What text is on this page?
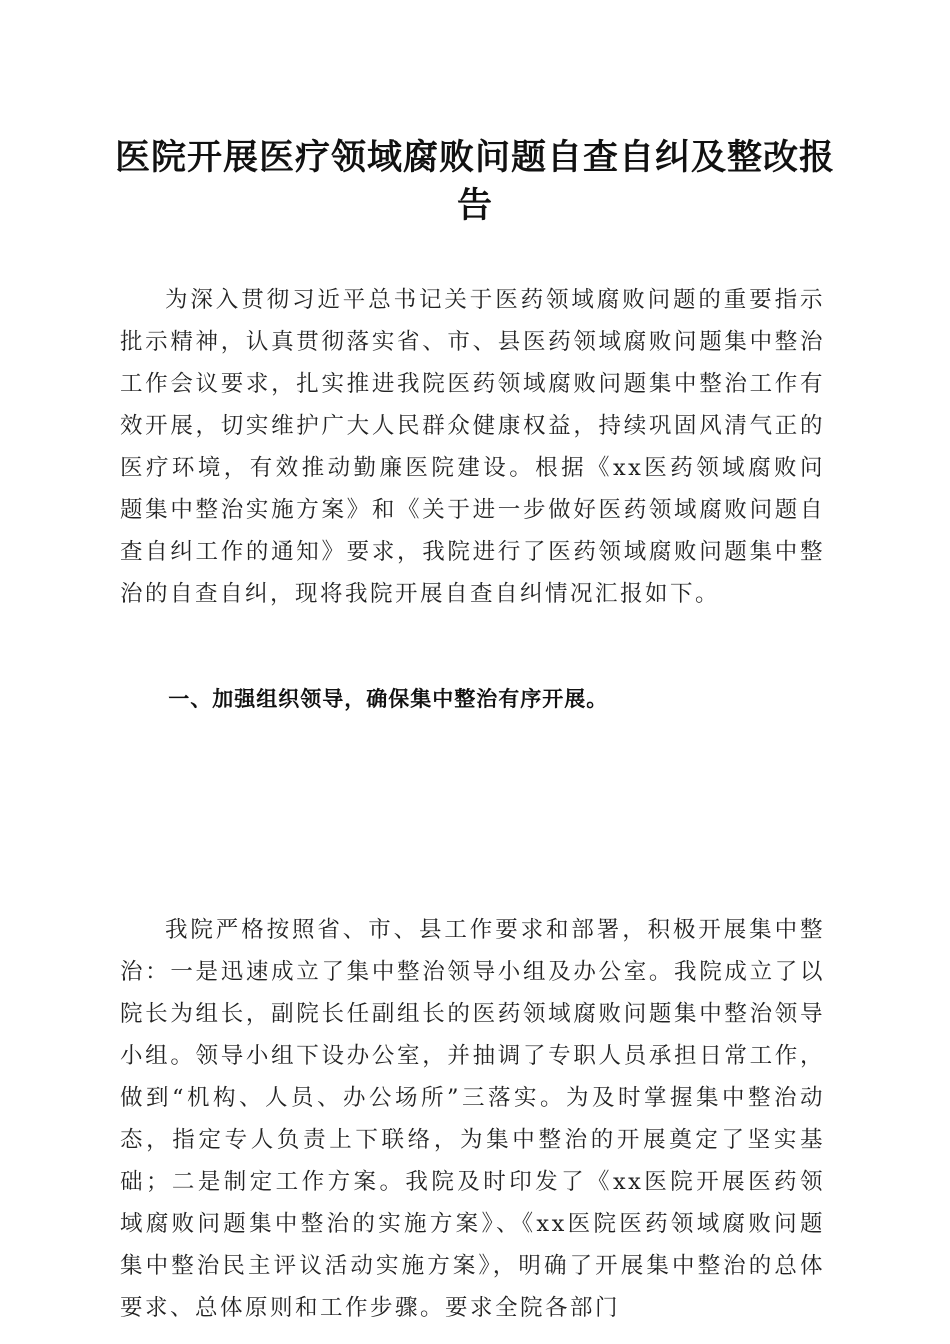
医院开展医疗领域腐败问题自查自纠及整改报告

为深入贯彻习近平总书记关于医药领域腐败问题的重要指示批示精神，认真贯彻落实省、市、县医药领域腐败问题集中整治工作会议要求，扎实推进我院医药领域腐败问题集中整治工作有效开展，切实维护广大人民群众健康权益，持续巩固风清气正的医疗环境，有效推动勤廉医院建设。根据《xx医药领域腐败问题集中整治实施方案》和《关于进一步做好医药领域腐败问题自查自纠工作的通知》要求，我院进行了医药领域腐败问题集中整治的自查自纠，现将我院开展自查自纠情况汇报如下。

一、加强组织领导，确保集中整治有序开展。

我院严格按照省、市、县工作要求和部署，积极开展集中整治：一是迅速成立了集中整治领导小组及办公室。我院成立了以院长为组长，副院长任副组长的医药领域腐败问题集中整治领导小组。领导小组下设办公室，并抽调了专职人员承担日常工作，做到“机构、人员、办公场所”三落实。为及时掌握集中整治动态，指定专人负责上下联络，为集中整治的开展奠定了坚实基础；二是制定工作方案。我院及时印发了《xx医院开展医药领域腐败问题集中整治的实施方案》、《xx医院医药领域腐败问题集中整治民主评议活动实施方案》，明确了开展集中整治的总体要求、总体原则和工作步骤。要求全院各部门
